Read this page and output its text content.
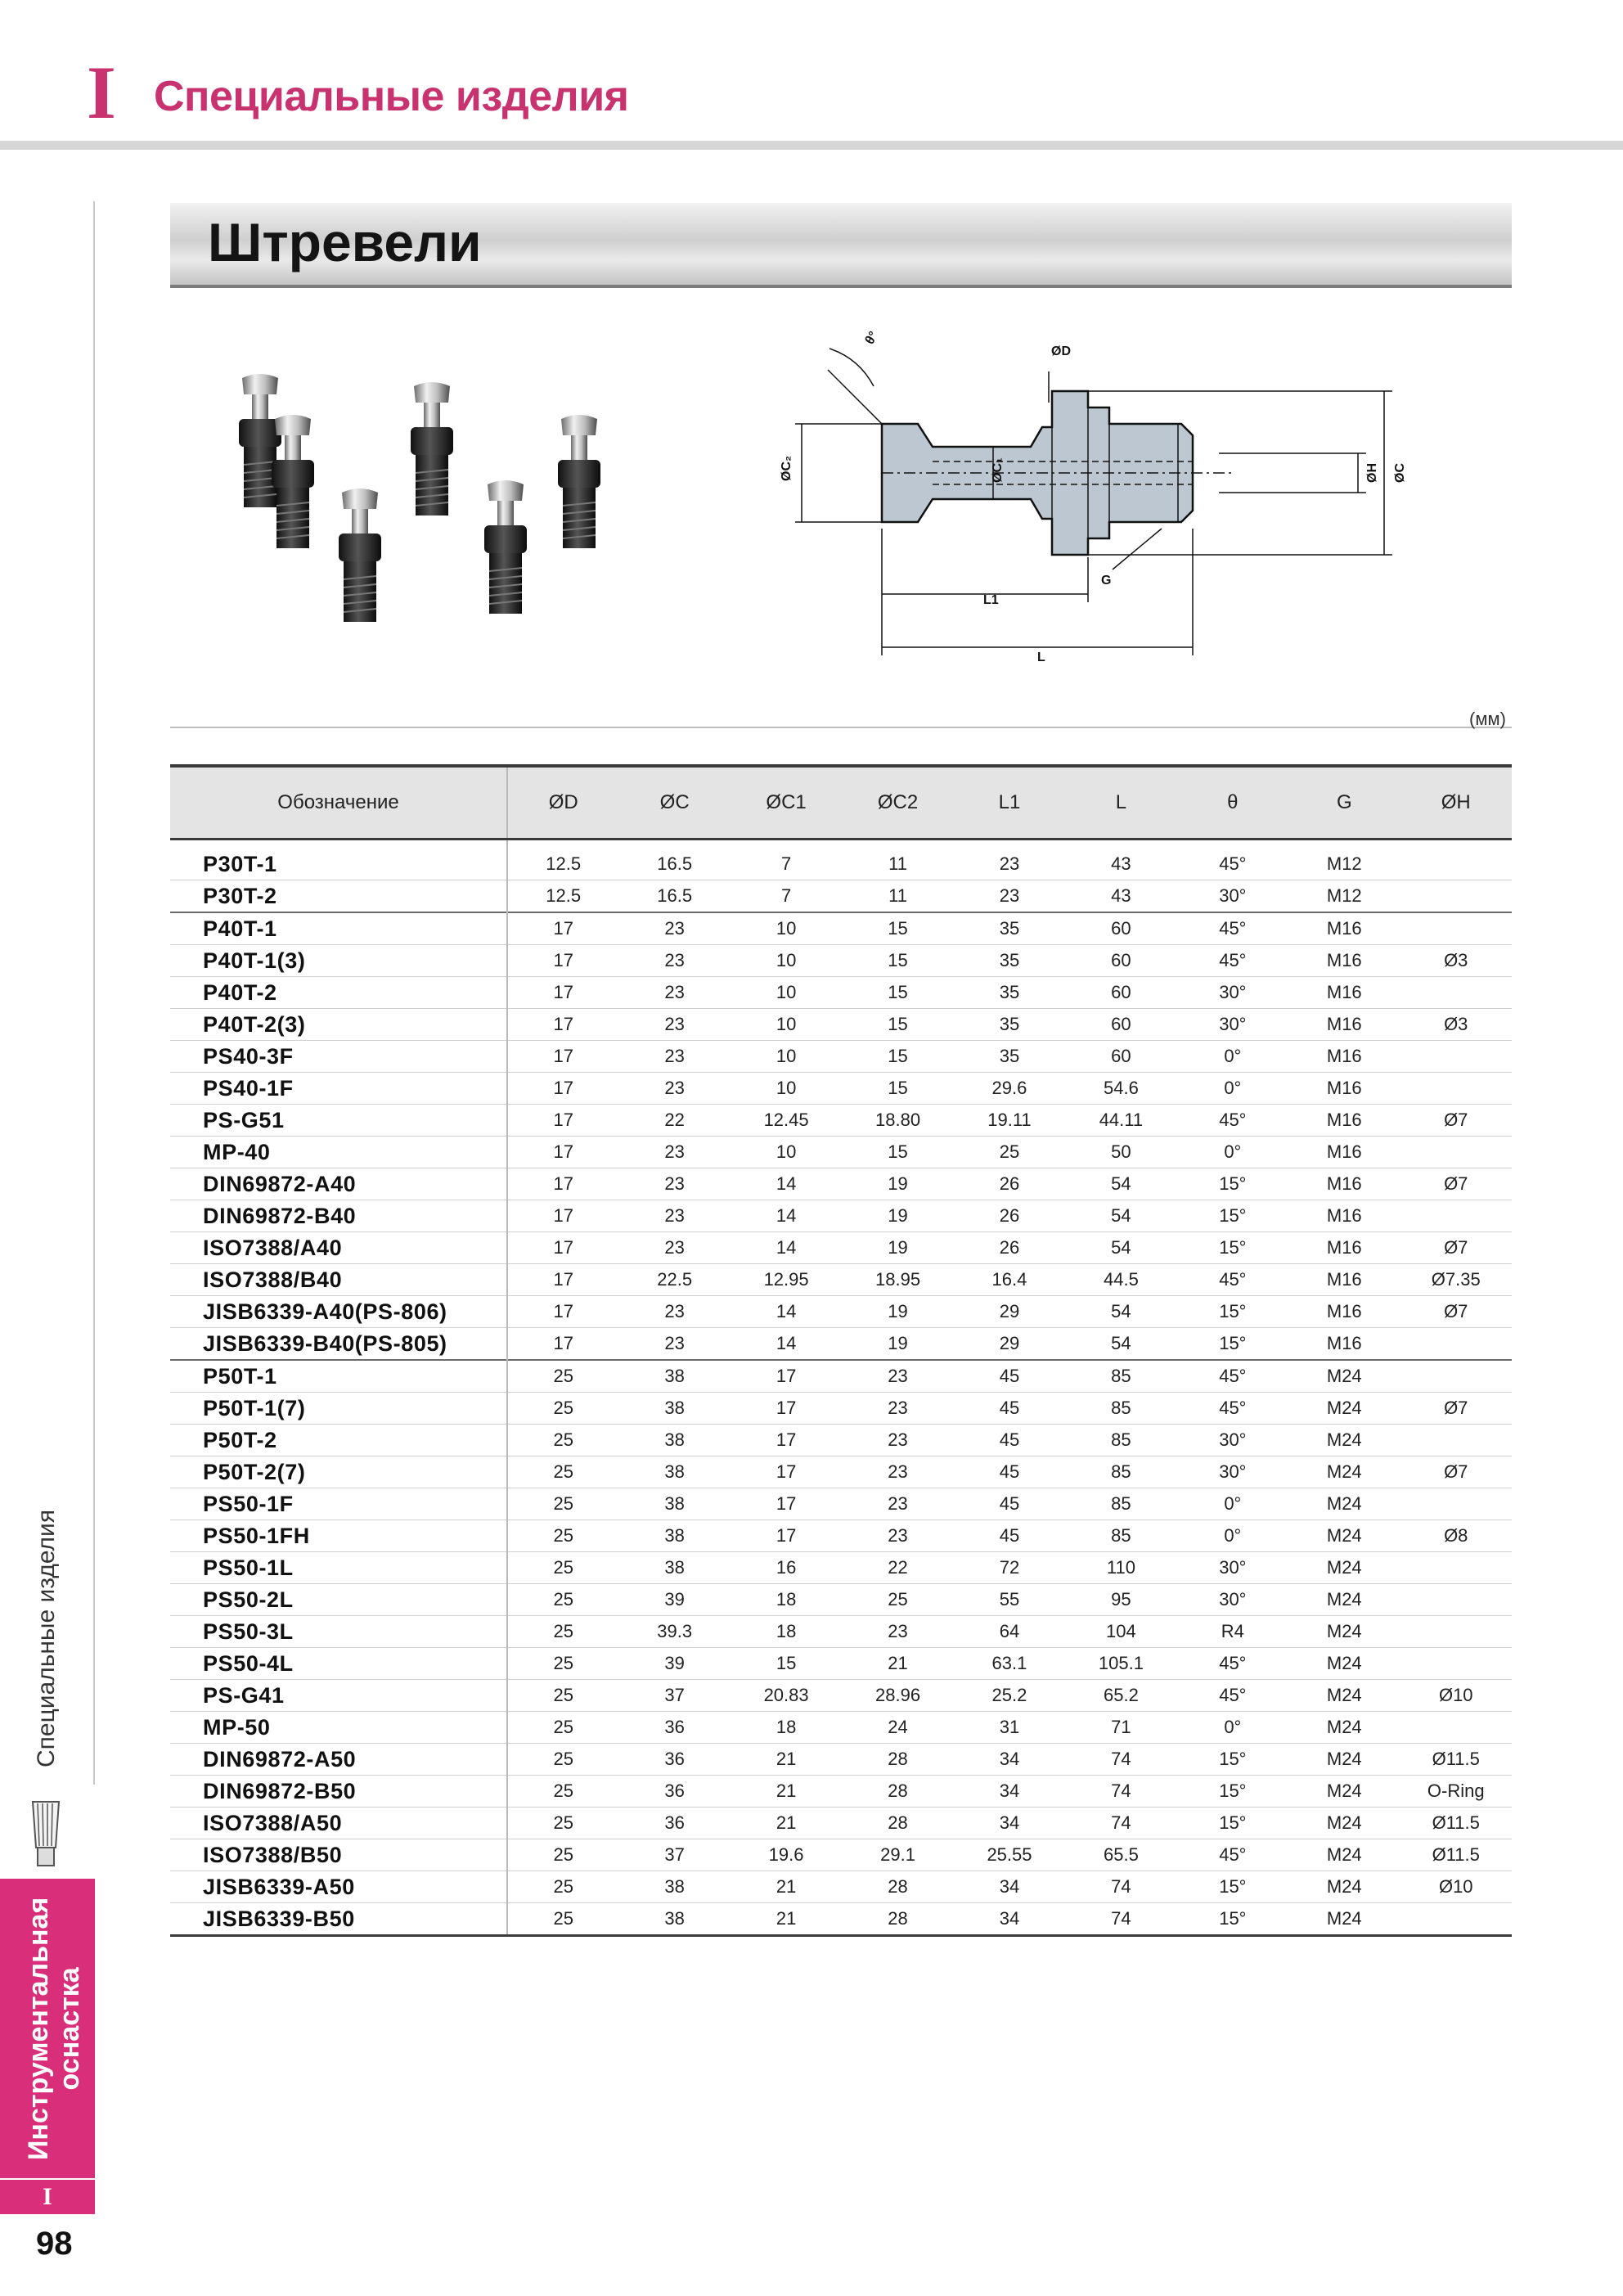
I Специальные изделия
Специальные изделия
Инструментальная оснастка
I
98
Штревели
θ°
ØD
ØC₂	ØC₁	ØH ØC
G
L1
L
(мм)
Обозначение	ØD	ØC	ØC1	ØC2	L1	L	θ	G	ØH
P30T-1	12.5	16.5	7	11	23	43	45°	M12	
P30T-2	12.5	16.5	7	11	23	43	30°	M12	
P40T-1	17	23	10	15	35	60	45°	M16	
P40T-1(3)	17	23	10	15	35	60	45°	M16	Ø3
P40T-2	17	23	10	15	35	60	30°	M16	
P40T-2(3)	17	23	10	15	35	60	30°	M16	Ø3
PS40-3F	17	23	10	15	35	60	0°	M16	
PS40-1F	17	23	10	15	29.6	54.6	0°	M16	
PS-G51	17	22	12.45	18.80	19.11	44.11	45°	M16	Ø7
MP-40	17	23	10	15	25	50	0°	M16	
DIN69872-A40	17	23	14	19	26	54	15°	M16	Ø7
DIN69872-B40	17	23	14	19	26	54	15°	M16	
ISO7388/A40	17	23	14	19	26	54	15°	M16	Ø7
ISO7388/B40	17	22.5	12.95	18.95	16.4	44.5	45°	M16	Ø7.35
JISB6339-A40(PS-806)	17	23	14	19	29	54	15°	M16	Ø7
JISB6339-B40(PS-805)	17	23	14	19	29	54	15°	M16	
P50T-1	25	38	17	23	45	85	45°	M24	
P50T-1(7)	25	38	17	23	45	85	45°	M24	Ø7
P50T-2	25	38	17	23	45	85	30°	M24	
P50T-2(7)	25	38	17	23	45	85	30°	M24	Ø7
PS50-1F	25	38	17	23	45	85	0°	M24	
PS50-1FH	25	38	17	23	45	85	0°	M24	Ø8
PS50-1L	25	38	16	22	72	110	30°	M24	
PS50-2L	25	39	18	25	55	95	30°	M24	
PS50-3L	25	39.3	18	23	64	104	R4	M24	
PS50-4L	25	39	15	21	63.1	105.1	45°	M24	
PS-G41	25	37	20.83	28.96	25.2	65.2	45°	M24	Ø10
MP-50	25	36	18	24	31	71	0°	M24	
DIN69872-A50	25	36	21	28	34	74	15°	M24	Ø11.5
DIN69872-B50	25	36	21	28	34	74	15°	M24	O-Ring
ISO7388/A50	25	36	21	28	34	74	15°	M24	Ø11.5
ISO7388/B50	25	37	19.6	29.1	25.55	65.5	45°	M24	Ø11.5
JISB6339-A50	25	38	21	28	34	74	15°	M24	Ø10
JISB6339-B50	25	38	21	28	34	74	15°	M24	
